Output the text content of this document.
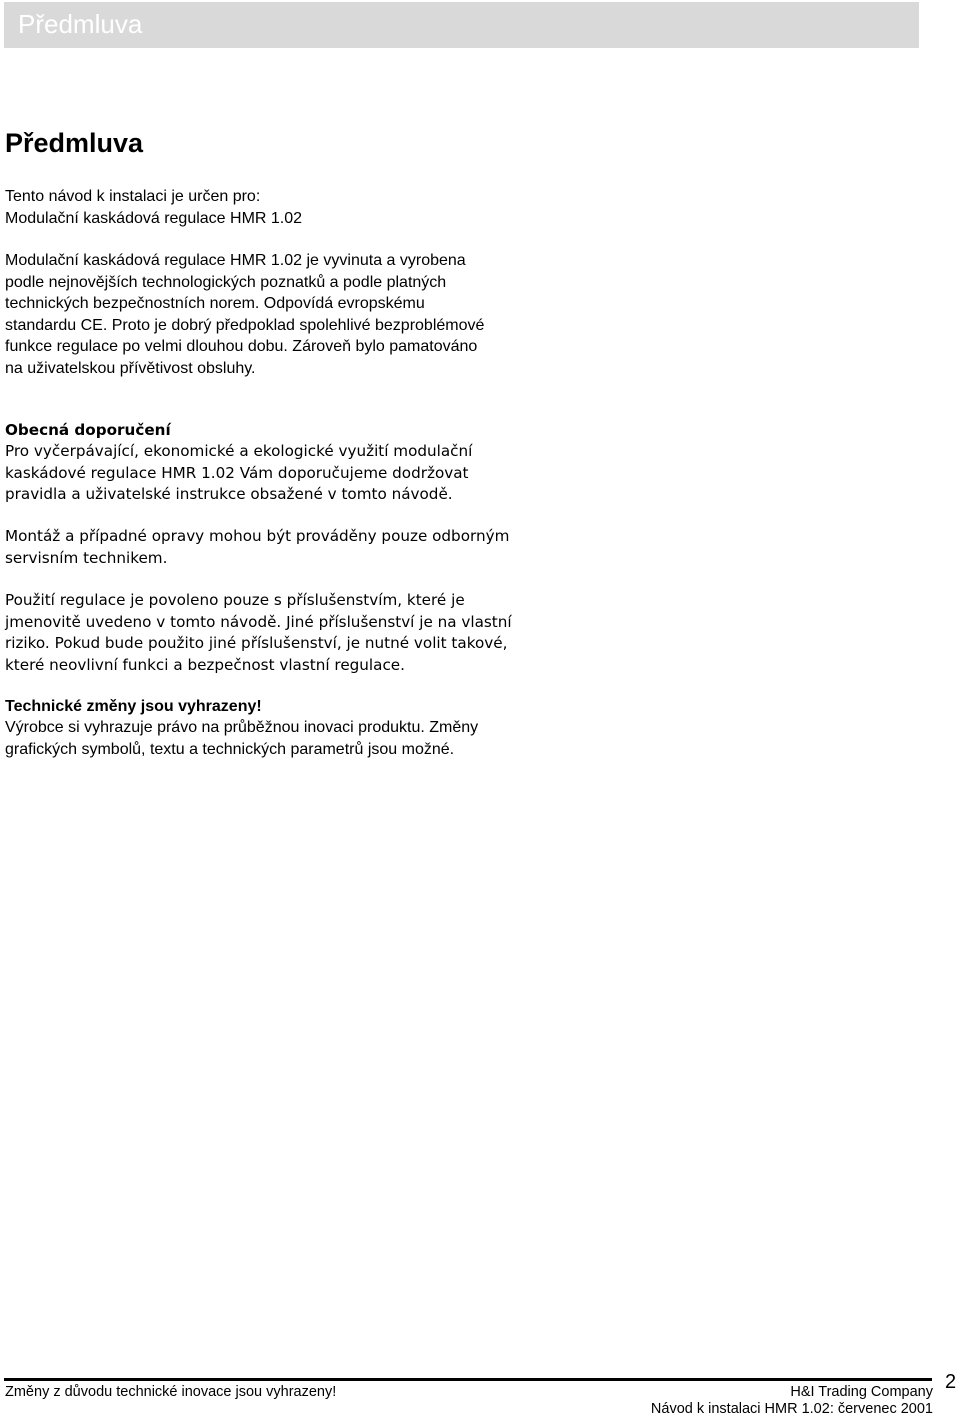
Předmluva
Předmluva

Tento návod k instalaci je určen pro:
Modulační kaskádová regulace HMR 1.02

Modulační kaskádová regulace HMR 1.02 je vyvinuta a vyrobena
podle nejnovějších technologických poznatků a podle platných
technických bezpečnostních norem. Odpovídá evropskému
standardu CE. Proto je dobrý předpoklad spolehlivé bezproblémové
funkce regulace po velmi dlouhou dobu. Zároveň bylo pamatováno
na uživatelskou přívětivost obsluhy.

Obecná doporučení

Pro vyčerpávající, ekonomické a ekologické využití modulační
kaskádové regulace HMR 1.02 Vám doporučujeme dodržovat
pravidla a uživatelské instrukce obsažené v tomto návodě.

Montáž a případné opravy mohou být prováděny pouze odborným
servisním technikem.

Použití regulace je povoleno pouze s příslušenstvím, které je
jmenovitě uvedeno v tomto návodě. Jiné příslušenství je na vlastní
riziko. Pokud bude použito jiné příslušenství, je nutné volit takové,
které neovlivní funkci a bezpečnost vlastní regulace.

Technické změny jsou vyhrazeny!

Výrobce si vyhrazuje právo na průběžnou inovaci produktu. Změny
grafických symbolů, textu a technických parametrů jsou možné.

Změny z důvodu technické inovace jsou vyhrazeny!	H&I Trading Company
Návod k instalaci HMR 1.02: červenec 2001
2
